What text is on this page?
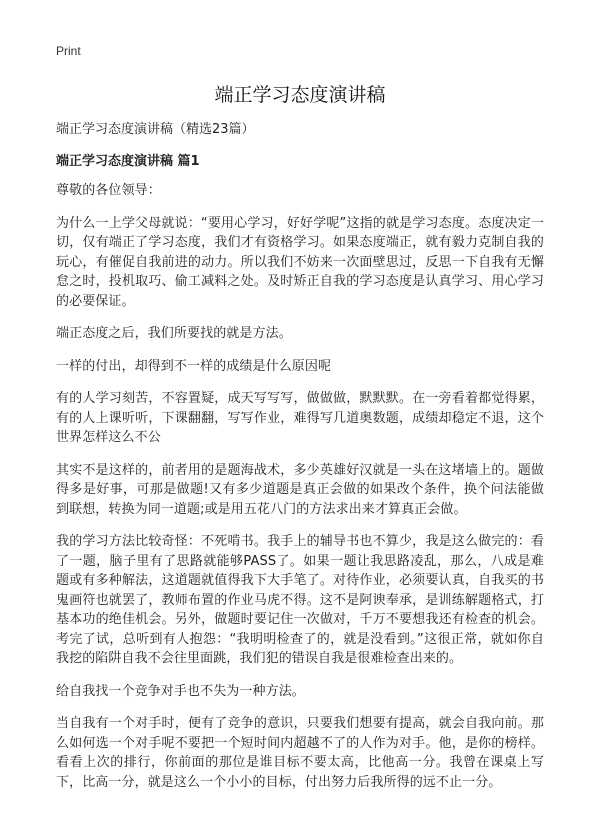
Print
端正学习态度演讲稿
端正学习态度演讲稿（精选23篇）
端正学习态度演讲稿 篇1

尊敬的各位领导：

为什么一上学父母就说：“要用心学习，好好学呢”这指的就是学习态度。态度决定一切，仅有端正了学习态度，我们才有资格学习。如果态度端正，就有毅力克制自我的玩心，有催促自我前进的动力。所以我们不妨来一次面壁思过，反思一下自我有无懈怠之时，投机取巧、偷工减料之处。及时矫正自我的学习态度是认真学习、用心学习的必要保证。

端正态度之后，我们所要找的就是方法。

一样的付出，却得到不一样的成绩是什么原因呢

有的人学习刻苦，不容置疑，成天写写写，做做做，默默默。在一旁看着都觉得累，有的人上课听听，下课翻翻，写写作业，难得写几道奥数题，成绩却稳定不退，这个世界怎样这么不公

其实不是这样的，前者用的是题海战术，多少英雄好汉就是一头在这堵墙上的。题做得多是好事，可那是做题!又有多少道题是真正会做的如果改个条件，换个问法能做到联想，转换为同一道题;或是用五花八门的方法求出来才算真正会做。

我的学习方法比较奇怪：不死啃书。我手上的辅导书也不算少，我是这么做完的：看了一题，脑子里有了思路就能够PASS了。如果一题让我思路凌乱，那么，八成是难题或有多种解法，这道题就值得我下大手笔了。对待作业，必须要认真，自我买的书鬼画符也就罢了，教师布置的作业马虎不得。这不是阿谀奉承，是训练解题格式，打基本功的绝佳机会。另外，做题时要记住一次做对，千万不要想我还有检查的机会。考完了试，总听到有人抱怨：“我明明检查了的，就是没看到。”这很正常，就如你自我挖的陷阱自我不会往里面跳，我们犯的错误自我是很难检查出来的。

给自我找一个竞争对手也不失为一种方法。

当自我有一个对手时，便有了竞争的意识，只要我们想要有提高，就会自我向前。那么如何选一个对手呢不要把一个短时间内超越不了的人作为对手。他，是你的榜样。看看上次的排行，你前面的那位是谁目标不要太高，比他高一分。我曾在课桌上写下，比高一分，就是这么一个小小的目标，付出努力后我所得的远不止一分。
